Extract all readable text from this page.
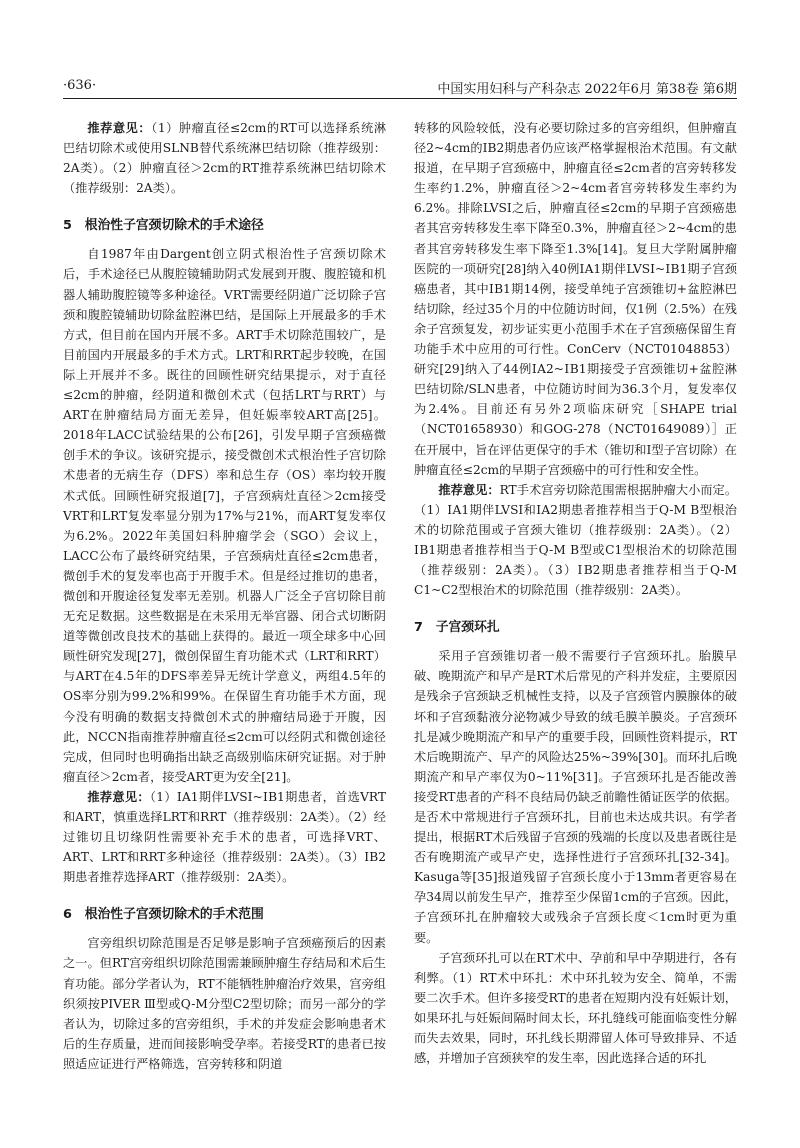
·636·	中国实用妇科与产科杂志 2022年6月 第38卷 第6期

推荐意见：（1）肿瘤直径≤2cm的RT可以选择系统淋巴结切除术或使用SLNB替代系统淋巴结切除（推荐级别：2A类）。（2）肿瘤直径＞2cm的RT推荐系统淋巴结切除术（推荐级别：2A类）。

5　根治性子宫颈切除术的手术途径

自1987年由Dargent创立阴式根治性子宫颈切除术后，手术途径已从腹腔镜辅助阴式发展到开腹、腹腔镜和机器人辅助腹腔镜等多种途径。VRT需要经阴道广泛切除子宫颈和腹腔镜辅助切除盆腔淋巴结，是国际上开展最多的手术方式，但目前在国内开展不多。ART手术切除范围较广，是目前国内开展最多的手术方式。LRT和RRT起步较晚，在国际上开展并不多。既往的回顾性研究结果提示，对于直径≤2cm的肿瘤，经阴道和微创术式（包括LRT与RRT）与ART在肿瘤结局方面无差异，但妊娠率较ART高[25]。2018年LACC试验结果的公布[26]，引发早期子宫颈癌微创手术的争议。该研究提示，接受微创术式根治性子宫切除术患者的无病生存（DFS）率和总生存（OS）率均较开腹术式低。回顾性研究报道[7]，子宫颈病灶直径＞2cm接受VRT和LRT复发率显分别为17%与21%，而ART复发率仅为6.2%。2022年美国妇科肿瘤学会（SGO）会议上，LACC公布了最终研究结果，子宫颈病灶直径≤2cm患者，微创手术的复发率也高于开腹手术。但是经过推切的患者，微创和开腹途径复发率无差别。机器人广泛全子宫切除目前无充足数据。这些数据是在未采用无举宫器、闭合式切断阴道等微创改良技术的基础上获得的。最近一项全球多中心回顾性研究发现[27]，微创保留生育功能术式（LRT和RRT）与ART在4.5年的DFS率差异无统计学意义，两组4.5年的OS率分别为99.2%和99%。在保留生育功能手术方面，现今没有明确的数据支持微创术式的肿瘤结局逊于开腹，因此，NCCN指南推荐肿瘤直径≤2cm可以经阴式和微创途径完成，但同时也明确指出缺乏高级别临床研究证据。对于肿瘤直径＞2cm者，接受ART更为安全[21]。

推荐意见：（1）ⅠA1期伴LVSI~ⅠB1期患者，首选VRT和ART，慎重选择LRT和RRT（推荐级别：2A类）。（2）经过锥切且切缘阴性需要补充手术的患者，可选择VRT、ART、LRT和RRT多种途径（推荐级别：2A类）。（3）ⅠB2期患者推荐选择ART（推荐级别：2A类）。

6　根治性子宫颈切除术的手术范围

宫旁组织切除范围是否足够是影响子宫颈癌预后的因素之一。但RT宫旁组织切除范围需兼顾肿瘤生存结局和术后生育功能。部分学者认为，RT不能牺牲肿瘤治疗效果，宫旁组织须按PIVER Ⅲ型或Q-M分型C2型切除；而另一部分的学者认为，切除过多的宫旁组织，手术的并发症会影响患者术后的生存质量，进而间接影响受孕率。若接受RT的患者已按照适应证进行严格筛选，宫旁转移和阴道

转移的风险较低，没有必要切除过多的宫旁组织，但肿瘤直径2~4cm的ⅠB2期患者仍应该严格掌握根治术范围。有文献报道，在早期子宫颈癌中，肿瘤直径≤2cm者的宫旁转移发生率约1.2%，肿瘤直径＞2~4cm者宫旁转移发生率约为6.2%。排除LVSI之后，肿瘤直径≤2cm的早期子宫颈癌患者其宫旁转移发生率下降至0.3%，肿瘤直径＞2~4cm的患者其宫旁转移发生率下降至1.3%[14]。复旦大学附属肿瘤医院的一项研究[28]纳入40例ⅠA1期伴LVSI~ⅠB1期子宫颈癌患者，其中ⅠB1期14例，接受单纯子宫颈锥切+盆腔淋巴结切除，经过35个月的中位随访时间，仅1例（2.5%）在残余子宫颈复发，初步证实更小范围手术在子宫颈癌保留生育功能手术中应用的可行性。ConCerv（NCT01048853）研究[29]纳入了44例ⅠA2~ⅠB1期接受子宫颈锥切+盆腔淋巴结切除/SLN患者，中位随访时间为36.3个月，复发率仅为2.4%。目前还有另外2项临床研究［SHAPE trial（NCT01658930）和GOG-278（NCT01649089）］正在开展中，旨在评估更保守的手术（锥切和Ⅰ型子宫切除）在肿瘤直径≤2cm的早期子宫颈癌中的可行性和安全性。

推荐意见：RT手术宫旁切除范围需根据肿瘤大小而定。（1）ⅠA1期伴LVSI和ⅠA2期患者推荐相当于Q-M B型根治术的切除范围或子宫颈大锥切（推荐级别：2A类）。（2）ⅠB1期患者推荐相当于Q-M B型或C1型根治术的切除范围（推荐级别：2A类）。（3）ⅠB2期患者推荐相当于Q-M C1~C2型根治术的切除范围（推荐级别：2A类）。

7　子宫颈环扎

采用子宫颈锥切者一般不需要行子宫颈环扎。胎膜早破、晚期流产和早产是RT术后常见的产科并发症，主要原因是残余子宫颈缺乏机械性支持，以及子宫颈管内膜腺体的破坏和子宫颈黏液分泌物减少导致的绒毛膜羊膜炎。子宫颈环扎是减少晚期流产和早产的重要手段，回顾性资料提示，RT术后晚期流产、早产的风险达25%~39%[30]。而环扎后晚期流产和早产率仅为0~11%[31]。子宫颈环扎是否能改善接受RT患者的产科不良结局仍缺乏前瞻性循证医学的依据。是否术中常规进行子宫颈环扎，目前也未达成共识。有学者提出，根据RT术后残留子宫颈的残端的长度以及患者既往是否有晚期流产或早产史，选择性进行子宫颈环扎[32-34]。Kasuga等[35]报道残留子宫颈长度小于13mm者更容易在孕34周以前发生早产，推荐至少保留1cm的子宫颈。因此，子宫颈环扎在肿瘤较大或残余子宫颈长度＜1cm时更为重要。

子宫颈环扎可以在RT术中、孕前和早中孕期进行，各有利弊。（1）RT术中环扎：术中环扎较为安全、简单，不需要二次手术。但许多接受RT的患者在短期内没有妊娠计划，如果环扎与妊娠间隔时间太长，环扎缝线可能面临变性分解而失去效果，同时，环扎线长期滞留人体可导致排异、不适感，并增加子宫颈狭窄的发生率，因此选择合适的环扎
